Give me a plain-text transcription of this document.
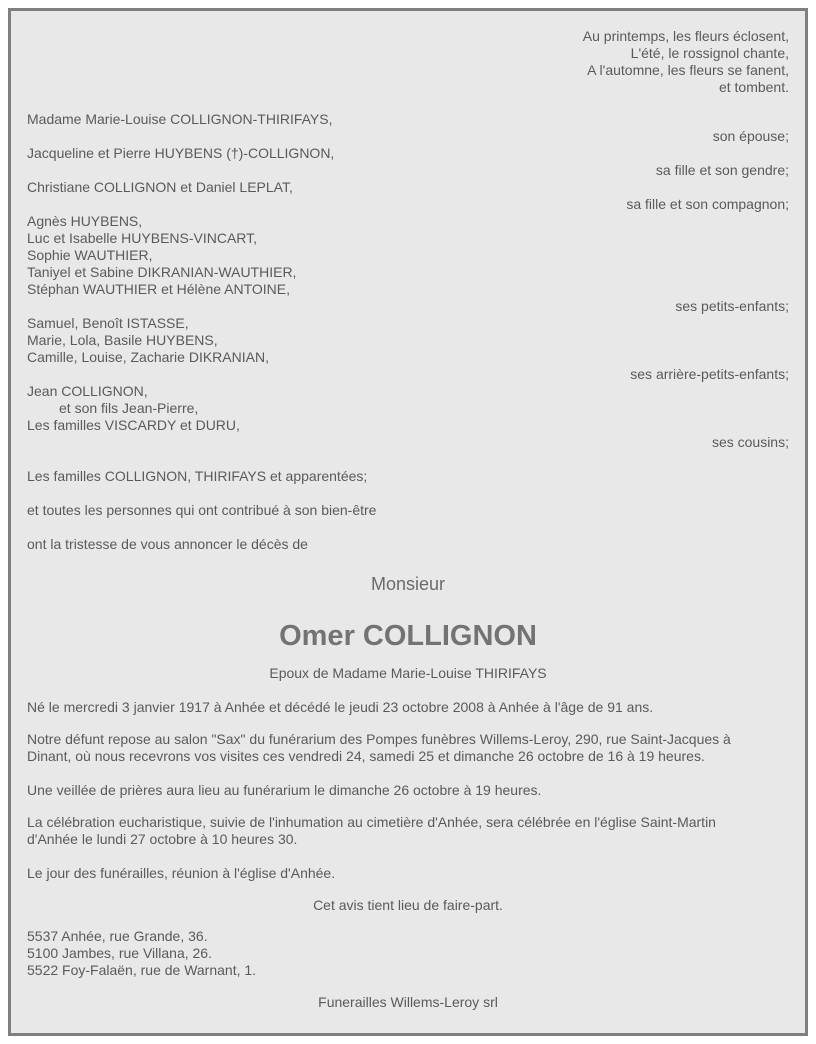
Au printemps, les fleurs éclosent,
L'été, le rossignol chante,
A l'automne, les fleurs se fanent,
et tombent.
Madame Marie-Louise COLLIGNON-THIRIFAYS,
son épouse;
Jacqueline et Pierre HUYBENS (†)-COLLIGNON,
sa fille et son gendre;
Christiane COLLIGNON et Daniel LEPLAT,
sa fille et son compagnon;
Agnès HUYBENS,
Luc et Isabelle HUYBENS-VINCART,
Sophie WAUTHIER,
Taniyel et Sabine DIKRANIAN-WAUTHIER,
Stéphan WAUTHIER et Hélène ANTOINE,
ses petits-enfants;
Samuel, Benoît ISTASSE,
Marie, Lola, Basile HUYBENS,
Camille, Louise, Zacharie DIKRANIAN,
ses arrière-petits-enfants;
Jean COLLIGNON,
et son fils Jean-Pierre,
Les familles VISCARDY et DURU,
ses cousins;
Les familles COLLIGNON, THIRIFAYS et apparentées;
et toutes les personnes qui ont contribué à son bien-être
ont la tristesse de vous annoncer le décès de
Monsieur
Omer COLLIGNON
Epoux de Madame Marie-Louise THIRIFAYS
Né le mercredi 3 janvier 1917 à Anhée et décédé le jeudi 23 octobre 2008 à Anhée à l'âge de 91 ans.
Notre défunt repose au salon "Sax" du funérarium des Pompes funèbres Willems-Leroy, 290, rue Saint-Jacques à
Dinant, où nous recevrons vos visites ces vendredi 24, samedi 25 et dimanche 26 octobre de 16 à 19 heures.
Une veillée de prières aura lieu au funérarium le dimanche 26 octobre à 19 heures.
La célébration eucharistique, suivie de l'inhumation au cimetière d'Anhée, sera célébrée en l'église Saint-Martin
d'Anhée le lundi 27 octobre à 10 heures 30.
Le jour des funérailles, réunion à l'église d'Anhée.
Cet avis tient lieu de faire-part.
5537 Anhée, rue Grande, 36.
5100 Jambes, rue Villana, 26.
5522 Foy-Falaën, rue de Warnant, 1.
Funerailles Willems-Leroy srl
